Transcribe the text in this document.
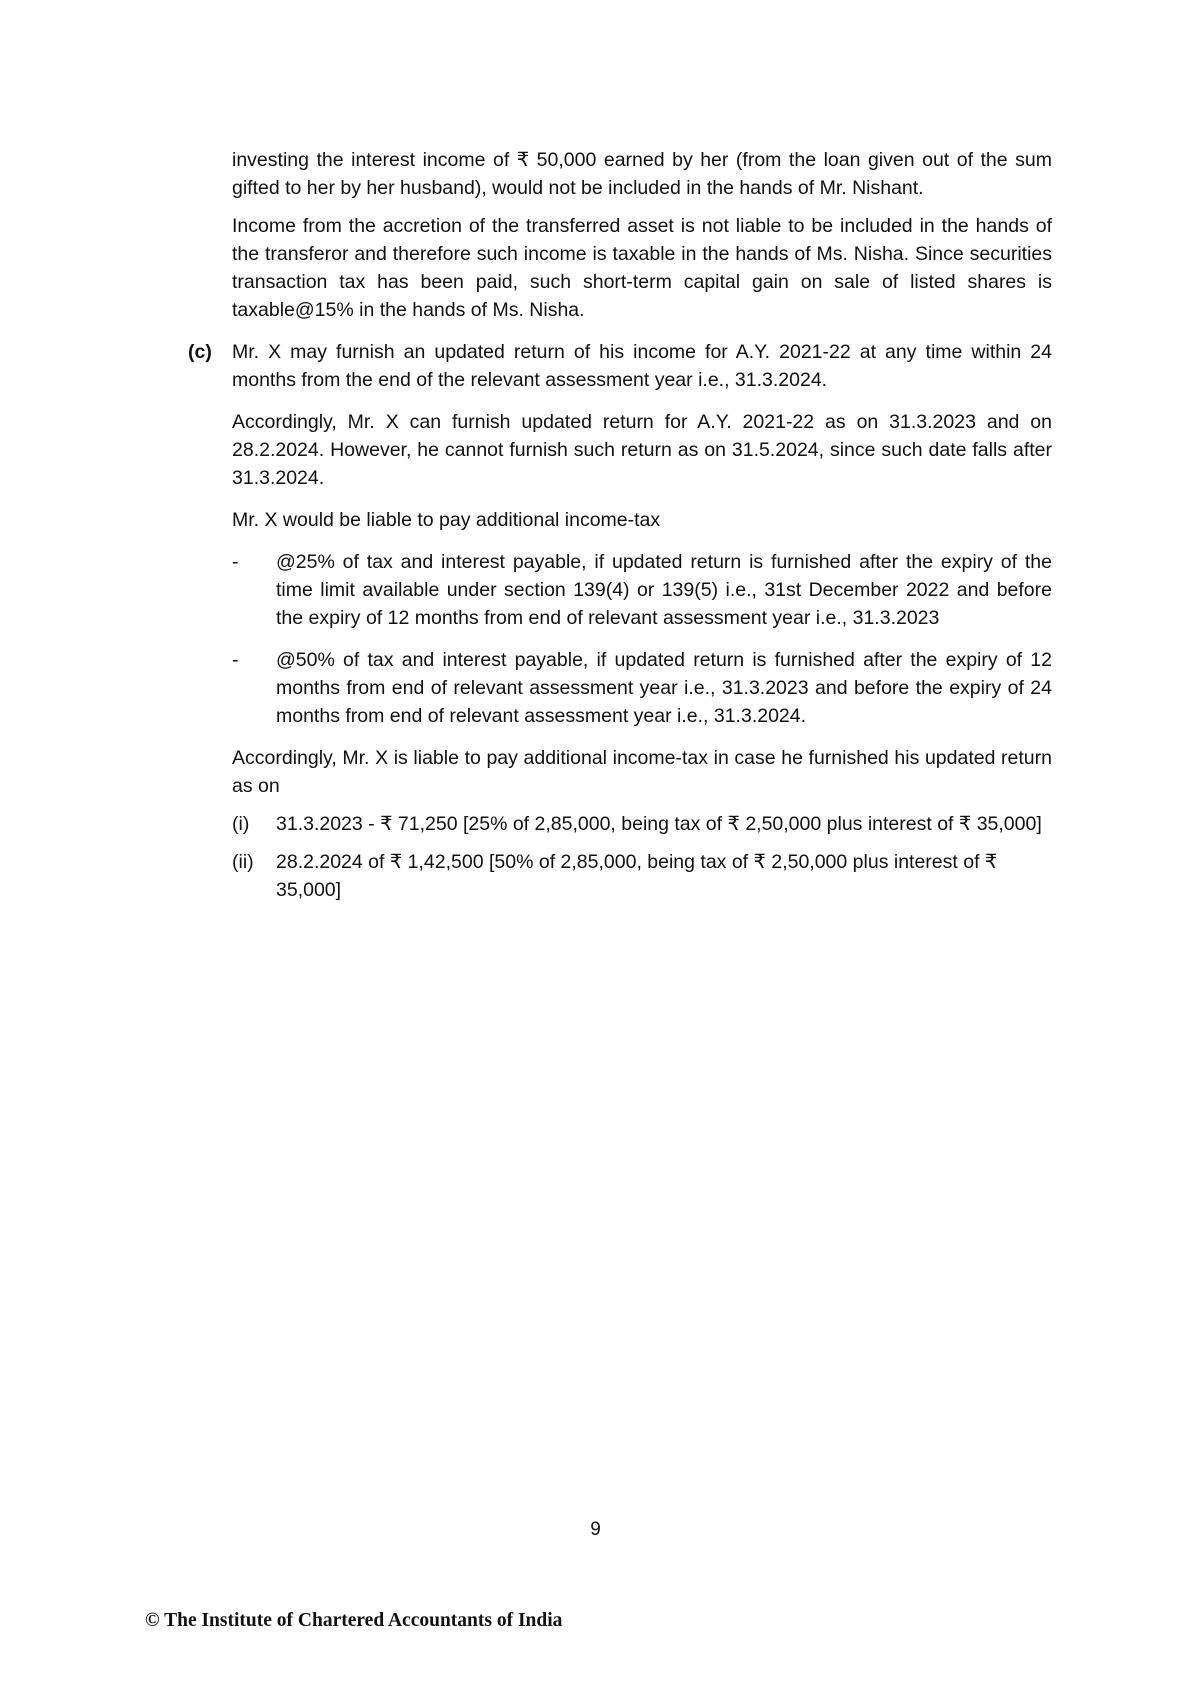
investing the interest income of ₹ 50,000 earned by her (from the loan given out of the sum gifted to her by her husband), would not be included in the hands of Mr. Nishant.

Income from the accretion of the transferred asset is not liable to be included in the hands of the transferor and therefore such income is taxable in the hands of Ms. Nisha. Since securities transaction tax has been paid, such short-term capital gain on sale of listed shares is taxable@15% in the hands of Ms. Nisha.

(c) Mr. X may furnish an updated return of his income for A.Y. 2021-22 at any time within 24 months from the end of the relevant assessment year i.e., 31.3.2024.

Accordingly, Mr. X can furnish updated return for A.Y. 2021-22 as on 31.3.2023 and on 28.2.2024. However, he cannot furnish such return as on 31.5.2024, since such date falls after 31.3.2024.

Mr. X would be liable to pay additional income-tax

- @25% of tax and interest payable, if updated return is furnished after the expiry of the time limit available under section 139(4) or 139(5) i.e., 31st December 2022 and before the expiry of 12 months from end of relevant assessment year i.e., 31.3.2023

- @50% of tax and interest payable, if updated return is furnished after the expiry of 12 months from end of relevant assessment year i.e., 31.3.2023 and before the expiry of 24 months from end of relevant assessment year i.e., 31.3.2024.

Accordingly, Mr. X is liable to pay additional income-tax in case he furnished his updated return as on

(i) 31.3.2023 - ₹ 71,250 [25% of 2,85,000, being tax of ₹ 2,50,000 plus interest of ₹ 35,000]
(ii) 28.2.2024 of ₹ 1,42,500 [50% of 2,85,000, being tax of ₹ 2,50,000 plus interest of ₹ 35,000]
9
© The Institute of Chartered Accountants of India
